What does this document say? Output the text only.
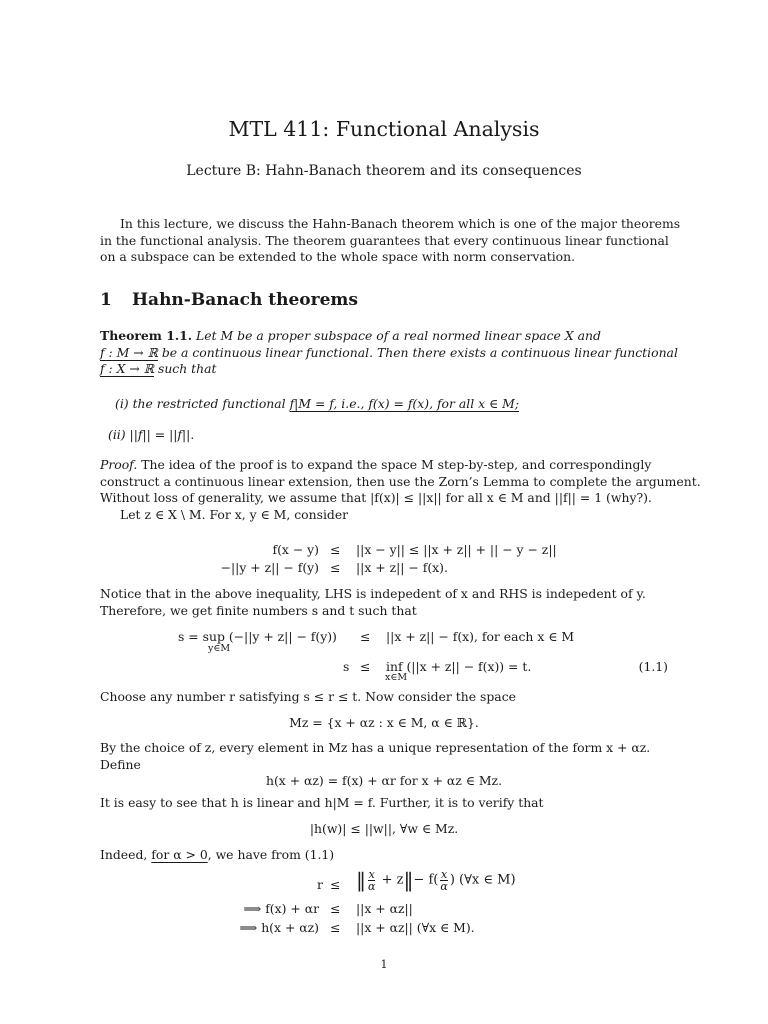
MTL 411: Functional Analysis
Lecture B: Hahn-Banach theorem and its consequences
In this lecture, we discuss the Hahn-Banach theorem which is one of the major theorems
in the functional analysis. The theorem guarantees that every continuous linear functional
on a subspace can be extended to the whole space with norm conservation.
1 Hahn-Banach theorems
Theorem 1.1. Let M be a proper subspace of a real normed linear space X and
f : M → ℝ be a continuous linear functional. Then there exists a continuous linear functional
f : X → ℝ such that
(i) the restricted functional f|M = f, i.e., f(x) = f(x), for all x ∈ M;
(ii) ||f|| = ||f||.
Proof. The idea of the proof is to expand the space M step-by-step, and correspondingly
construct a continuous linear extension, then use the Zorn’s Lemma to complete the argument.
Without loss of generality, we assume that |f(x)| ≤ ||x|| for all x ∈ M and ||f|| = 1 (why?).
Let z ∈ X \ M. For x, y ∈ M, consider
f(x − y) ≤ ||x − y|| ≤ ||x + z|| + || − y − z||
−||y + z|| − f(y) ≤ ||x + z|| − f(x).
Notice that in the above inequality, LHS is indepedent of x and RHS is indepedent of y.
Therefore, we get finite numbers s and t such that
s = sup (−||y + z|| − f(y))
y∈M
≤ ||x + z|| − f(x), for each x ∈ M
s ≤ inf (||x + z|| − f(x)) = t.
x∈M
(1.1)
Choose any number r satisfying s ≤ r ≤ t. Now consider the space
Mz = {x + αz : x ∈ M, α ∈ ℝ}.
By the choice of z, every element in Mz has a unique representation of the form x + αz.
Define
h(x + αz) = f(x) + αr for x + αz ∈ Mz.
It is easy to see that h is linear and h|M = f. Further, it is to verify that
|h(w)| ≤ ||w||, ∀w ∈ Mz.
Indeed, for α > 0, we have from (1.1)
r ≤ ‖ $\frac{x}{\alpha}$ + z‖− $f( \frac{x}{\alpha}$ ) (∀x ∈ M)
⟹ f(x) + αr ≤ ||x + αz||
⟹ h(x + αz) ≤ ||x + αz|| (∀x ∈ M).
1
